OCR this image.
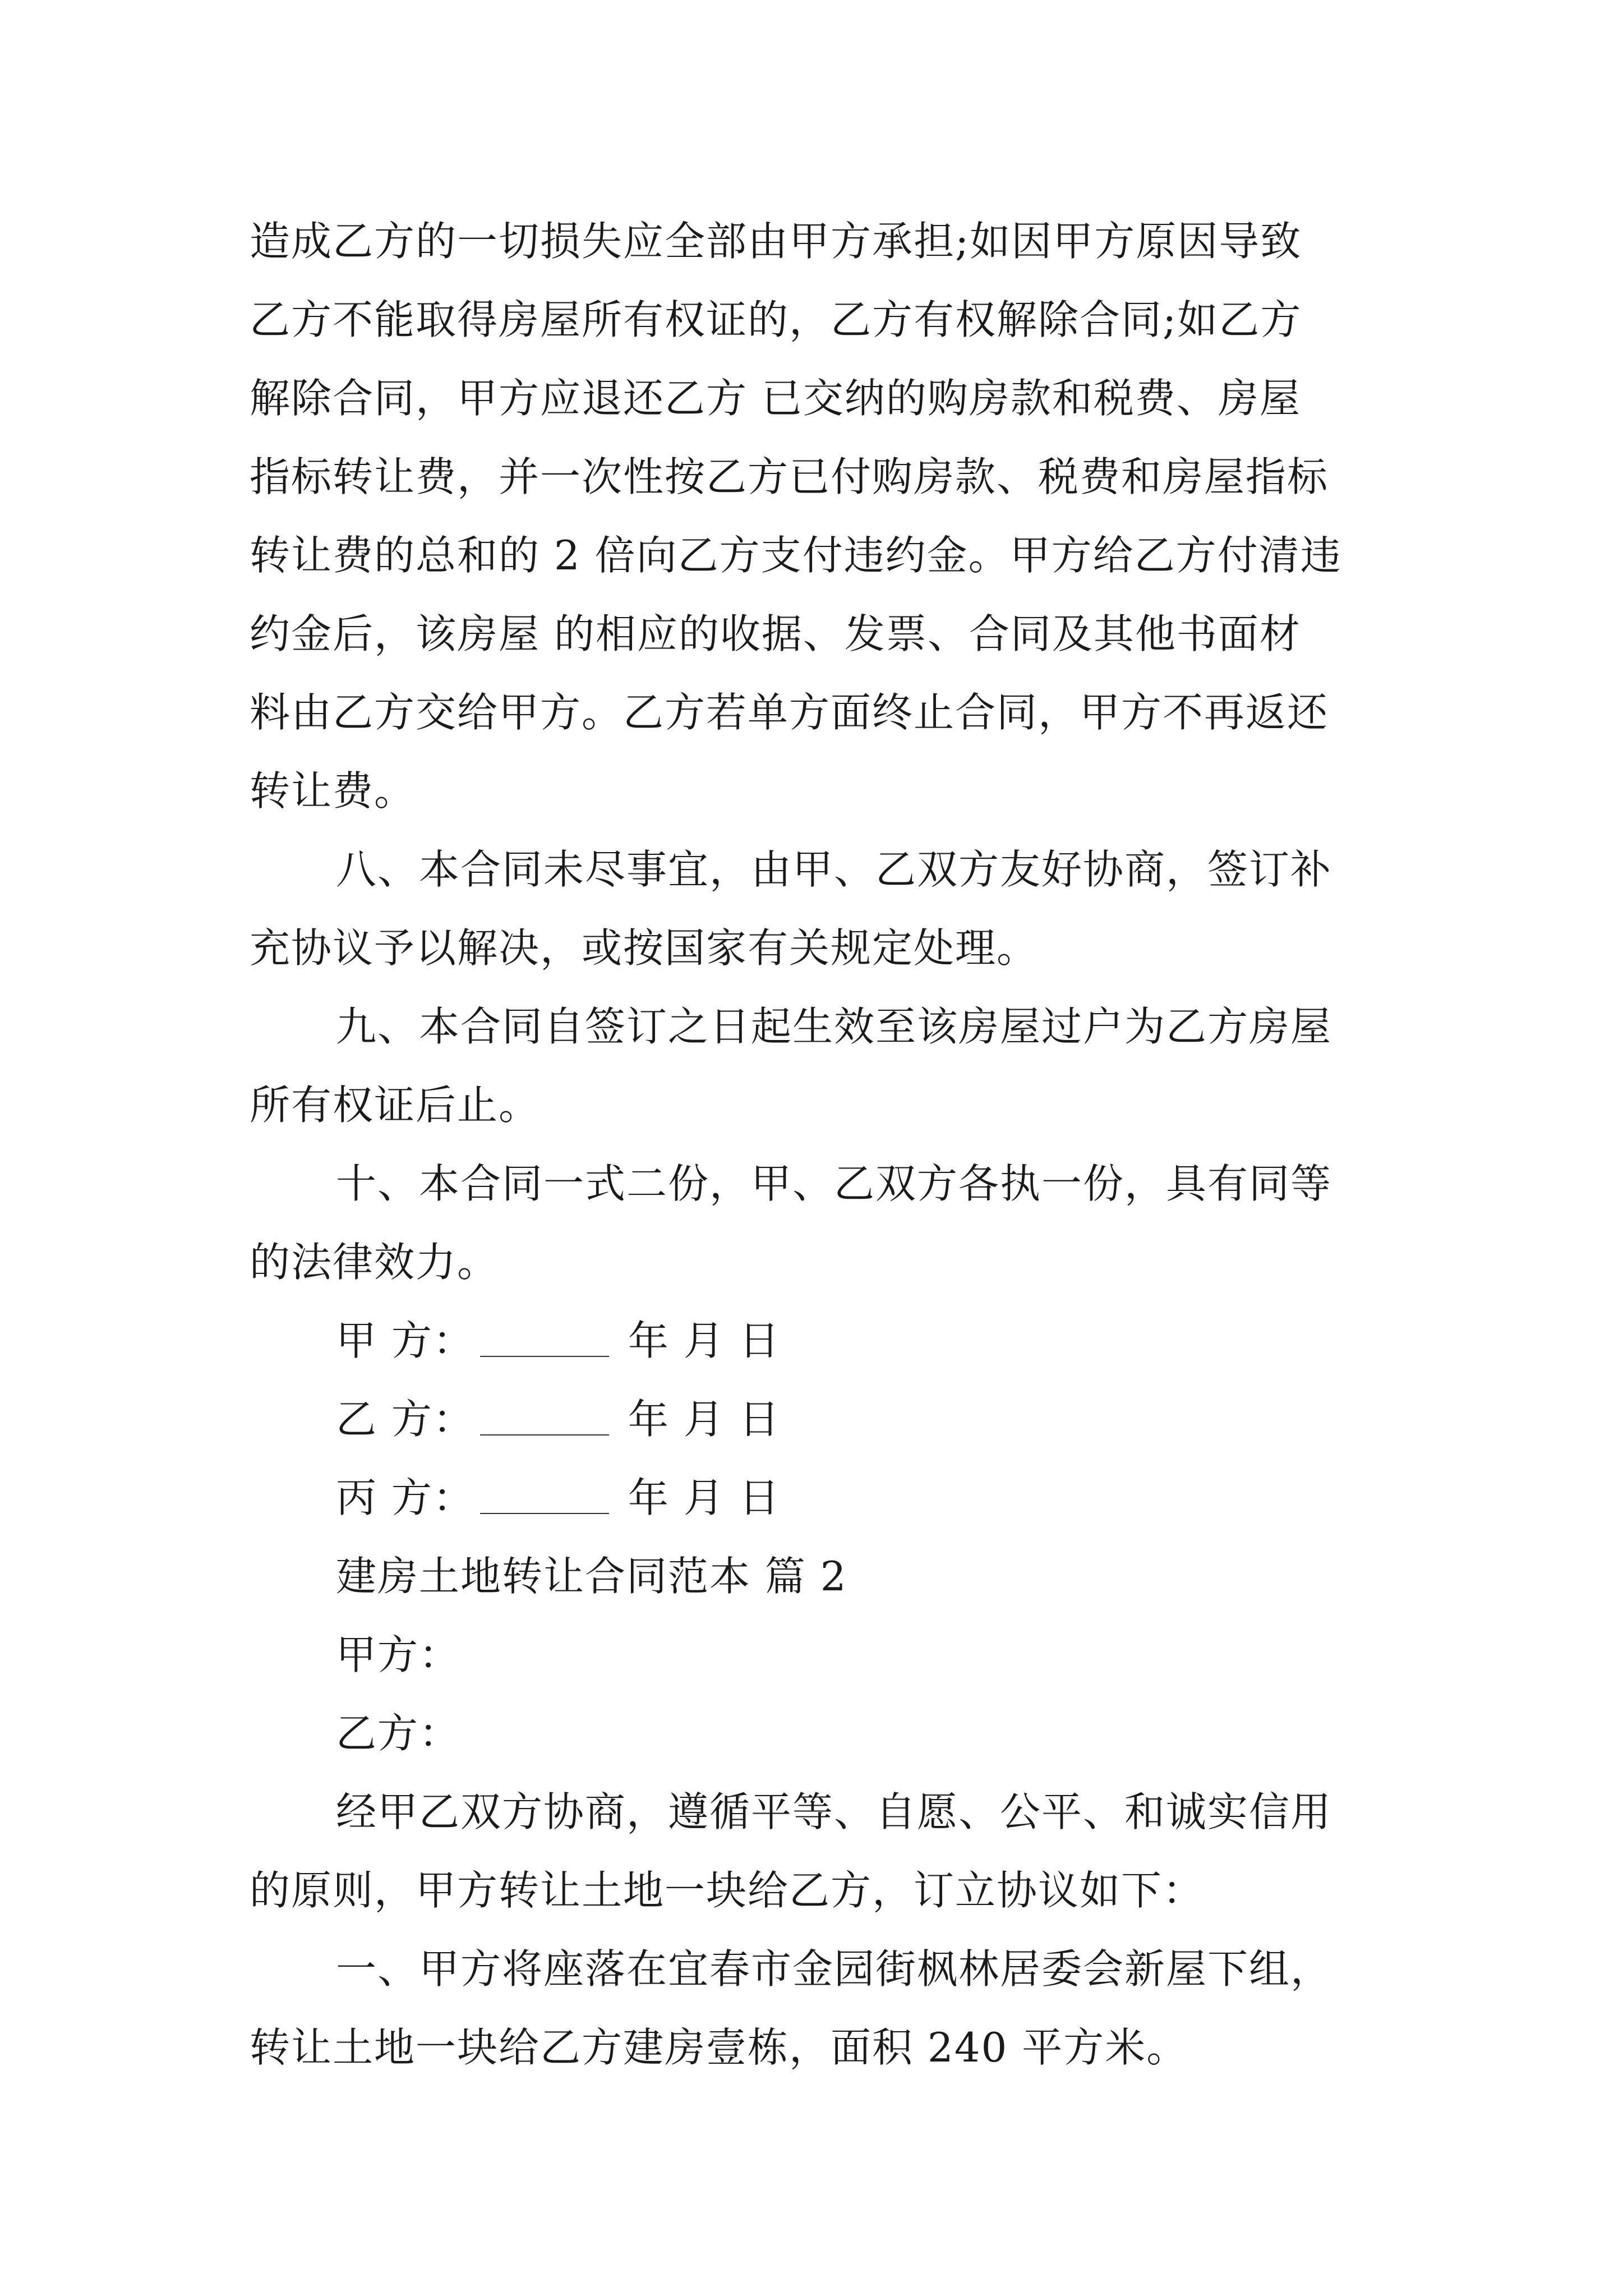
造成乙方的一切损失应全部由甲方承担;如因甲方原因导致
乙方不能取得房屋所有权证的，乙方有权解除合同;如乙方
解除合同，甲方应退还乙方 已交纳的购房款和税费、房屋
指标转让费，并一次性按乙方已付购房款、税费和房屋指标
转让费的总和的 2 倍向乙方支付违约金。甲方给乙方付清违
约金后，该房屋 的相应的收据、发票、合同及其他书面材
料由乙方交给甲方。乙方若单方面终止合同，甲方不再返还
转让费。
八、本合同未尽事宜，由甲、乙双方友好协商，签订补
充协议予以解决，或按国家有关规定处理。
九、本合同自签订之日起生效至该房屋过户为乙方房屋
所有权证后止。
十、本合同一式二份，甲、乙双方各执一份，具有同等
的法律效力。
甲 方：	年 月 日
乙 方：	年 月 日
丙 方：	年 月 日
建房土地转让合同范本 篇 2
甲方：
乙方：
经甲乙双方协商，遵循平等、自愿、公平、和诚实信用
的原则，甲方转让土地一块给乙方，订立协议如下：
一、甲方将座落在宜春市金园街枫林居委会新屋下组，
转让土地一块给乙方建房壹栋，面积 240 平方米。
